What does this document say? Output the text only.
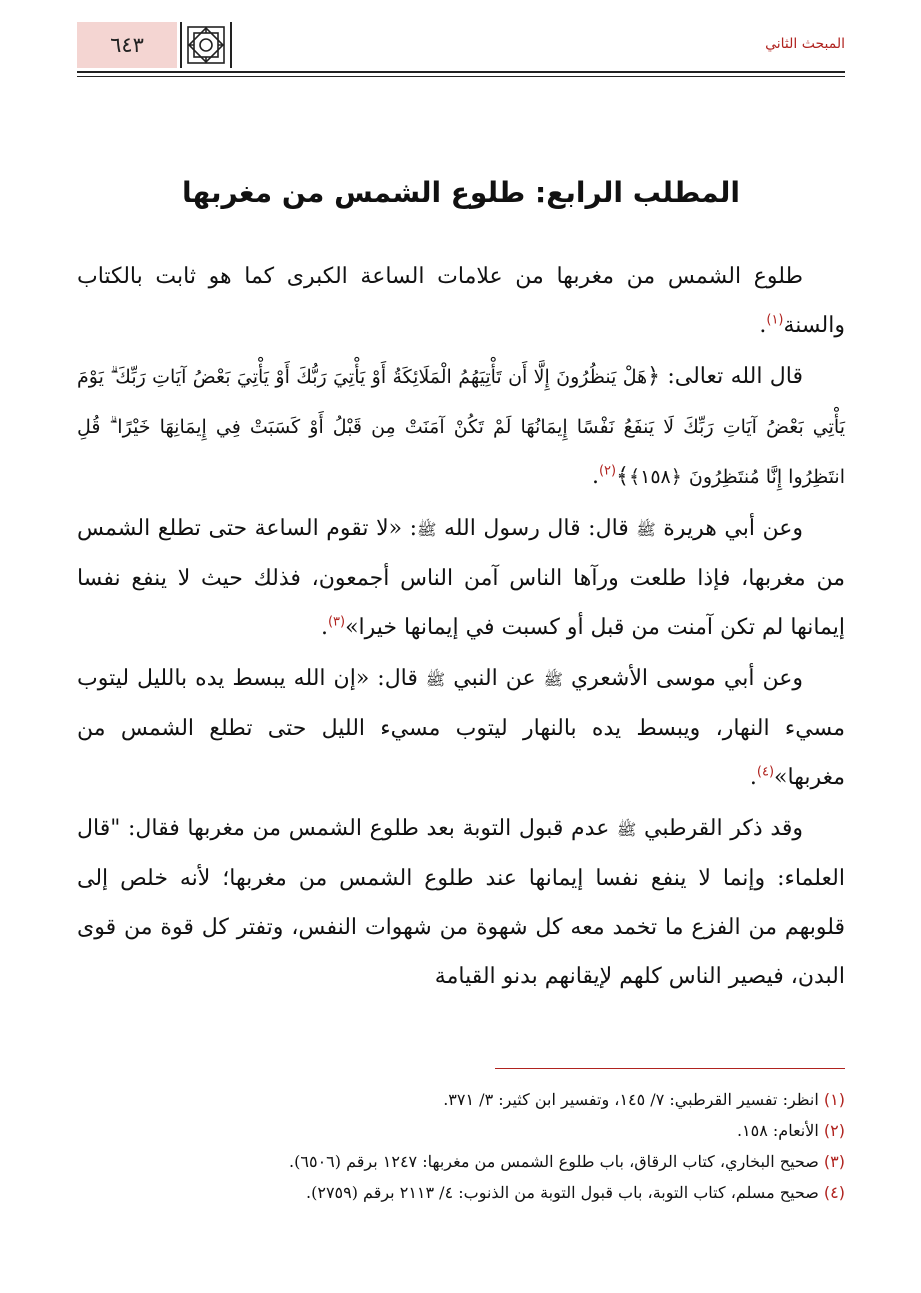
٦٤٣	المبحث الثاني
المطلب الرابع: طلوع الشمس من مغربها

طلوع الشمس من مغربها من علامات الساعة الكبرى كما هو ثابت بالكتاب والسنة$^{(١)}$.

قال الله تعالى: ﴿هَلْ يَنظُرُونَ إِلَّا أَن تَأْتِيَهُمُ الْمَلَائِكَةُ أَوْ يَأْتِيَ رَبُّكَ أَوْ يَأْتِيَ بَعْضُ آيَاتِ رَبِّكَ ۗ يَوْمَ يَأْتِي بَعْضُ آيَاتِ رَبِّكَ لَا يَنفَعُ نَفْسًا إِيمَانُهَا لَمْ تَكُنْ آمَنَتْ مِن قَبْلُ أَوْ كَسَبَتْ فِي إِيمَانِهَا خَيْرًا ۗ قُلِ انتَظِرُوا إِنَّا مُنتَظِرُونَ ﴿١٥٨﴾﴾$^{(٢)}$.

وعن أبي هريرة ﷺ قال: قال رسول الله ﷺ: «لا تقوم الساعة حتى تطلع الشمس من مغربها، فإذا طلعت ورآها الناس آمن الناس أجمعون، فذلك حيث لا ينفع نفسا إيمانها لم تكن آمنت من قبل أو كسبت في إيمانها خيرا»$^{(٣)}$.

وعن أبي موسى الأشعري ﷺ عن النبي ﷺ قال: «إن الله يبسط يده بالليل ليتوب مسيء النهار، ويبسط يده بالنهار ليتوب مسيء الليل حتى تطلع الشمس من مغربها»$^{(٤)}$.

وقد ذكر القرطبي ﷺ عدم قبول التوبة بعد طلوع الشمس من مغربها فقال: "قال العلماء: وإنما لا ينفع نفسا إيمانها عند طلوع الشمس من مغربها؛ لأنه خلص إلى قلوبهم من الفزع ما تخمد معه كل شهوة من شهوات النفس، وتفتر كل قوة من قوى البدن، فيصير الناس كلهم لإيقانهم بدنو القيامة

(١) انظر: تفسير القرطبي: ٧/ ١٤٥، وتفسير ابن كثير: ٣/ ٣٧١.
(٢) الأنعام: ١٥٨.
(٣) صحيح البخاري، كتاب الرقاق، باب طلوع الشمس من مغربها: ١٢٤٧ برقم (٦٥٠٦).
(٤) صحيح مسلم، كتاب التوبة، باب قبول التوبة من الذنوب: ٤/ ٢١١٣ برقم (٢٧٥٩).
